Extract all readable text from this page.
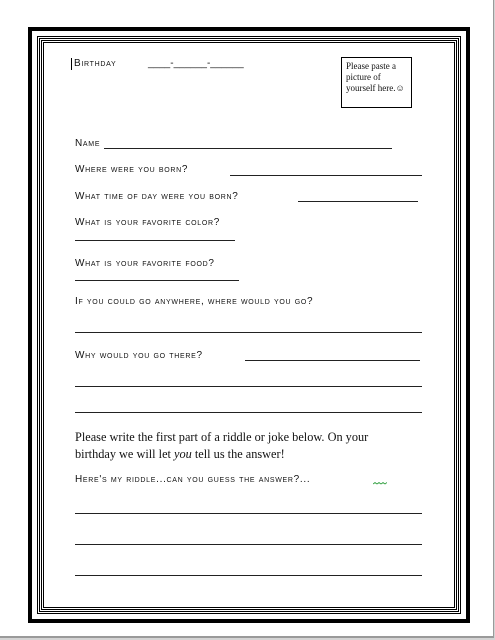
Birthday	____-______-______	Please paste a picture of yourself here.☺
Name
Where were you born?
What time of day were you born?
What is your favorite color?
What is your favorite food?
If you could go anywhere, where would you go?
Why would you go there?
Please write the first part of a riddle or joke below. On your
birthday we will let you tell us the answer!
Here's my riddle...can you guess the answer?...
